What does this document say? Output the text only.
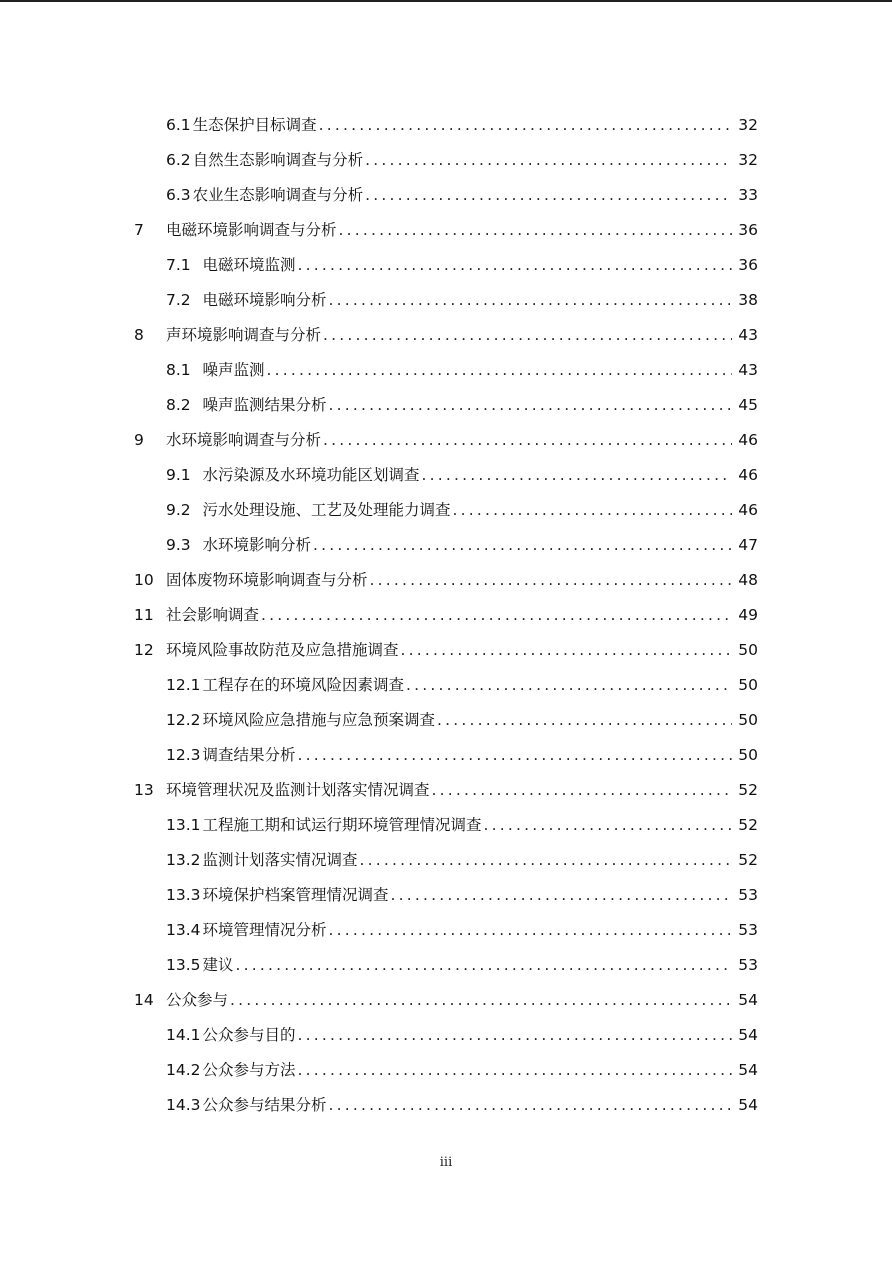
6.1 生态保护目标调查 .....	32
6.2 自然生态影响调查与分析 .....	32
6.3 农业生态影响调查与分析 .....	33
7	电磁环境影响调查与分析 .....	36
7.1 电磁环境监测 .....	36
7.2 电磁环境影响分析 .....	38
8	声环境影响调查与分析 .....	43
8.1 噪声监测 .....	43
8.2 噪声监测结果分析 .....	45
9	水环境影响调查与分析 .....	46
9.1 水污染源及水环境功能区划调查 .....	46
9.2 污水处理设施、工艺及处理能力调查 .....	46
9.3 水环境影响分析 .....	47
10 固体废物环境影响调查与分析 .....	48
11 社会影响调查 .....	49
12 环境风险事故防范及应急措施调查 .....	50
12.1 工程存在的环境风险因素调查 .....	50
12.2 环境风险应急措施与应急预案调查 .....	50
12.3 调查结果分析 .....	50
13 环境管理状况及监测计划落实情况调查 .....	52
13.1 工程施工期和试运行期环境管理情况调查 .....	52
13.2 监测计划落实情况调查 .....	52
13.3 环境保护档案管理情况调查 .....	53
13.4 环境管理情况分析 .....	53
13.5 建议 .....	53
14 公众参与 .....	54
14.1 公众参与目的 .....	54
14.2 公众参与方法 .....	54
14.3 公众参与结果分析 .....	54
iii
